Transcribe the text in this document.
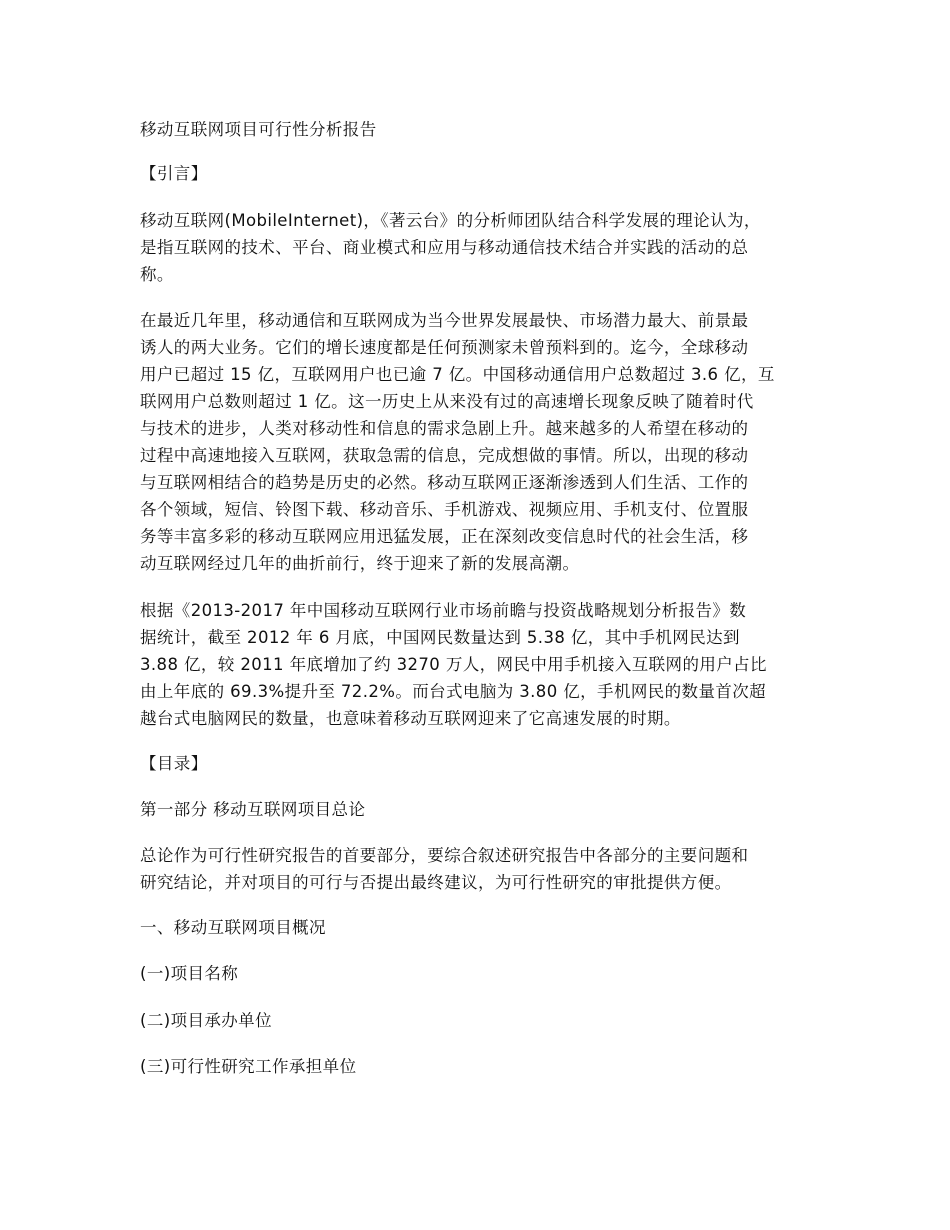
移动互联网项目可行性分析报告

【引言】

移动互联网(MobileInternet)，《著云台》的分析师团队结合科学发展的理论认为，
是指互联网的技术、平台、商业模式和应用与移动通信技术结合并实践的活动的总
称。

在最近几年里，移动通信和互联网成为当今世界发展最快、市场潜力最大、前景最
诱人的两大业务。它们的增长速度都是任何预测家未曾预料到的。迄今，全球移动
用户已超过 15 亿，互联网用户也已逾 7 亿。中国移动通信用户总数超过 3.6 亿，互
联网用户总数则超过 1 亿。这一历史上从来没有过的高速增长现象反映了随着时代
与技术的进步，人类对移动性和信息的需求急剧上升。越来越多的人希望在移动的
过程中高速地接入互联网，获取急需的信息，完成想做的事情。所以，出现的移动
与互联网相结合的趋势是历史的必然。移动互联网正逐渐渗透到人们生活、工作的
各个领域，短信、铃图下载、移动音乐、手机游戏、视频应用、手机支付、位置服
务等丰富多彩的移动互联网应用迅猛发展，正在深刻改变信息时代的社会生活，移
动互联网经过几年的曲折前行，终于迎来了新的发展高潮。

根据《2013-2017 年中国移动互联网行业市场前瞻与投资战略规划分析报告》数
据统计，截至 2012 年 6 月底，中国网民数量达到 5.38 亿，其中手机网民达到
3.88 亿，较 2011 年底增加了约 3270 万人，网民中用手机接入互联网的用户占比
由上年底的 69.3%提升至 72.2%。而台式电脑为 3.80 亿，手机网民的数量首次超
越台式电脑网民的数量，也意味着移动互联网迎来了它高速发展的时期。

【目录】

第一部分 移动互联网项目总论

总论作为可行性研究报告的首要部分，要综合叙述研究报告中各部分的主要问题和
研究结论，并对项目的可行与否提出最终建议，为可行性研究的审批提供方便。

一、移动互联网项目概况

(一)项目名称

(二)项目承办单位

(三)可行性研究工作承担单位
